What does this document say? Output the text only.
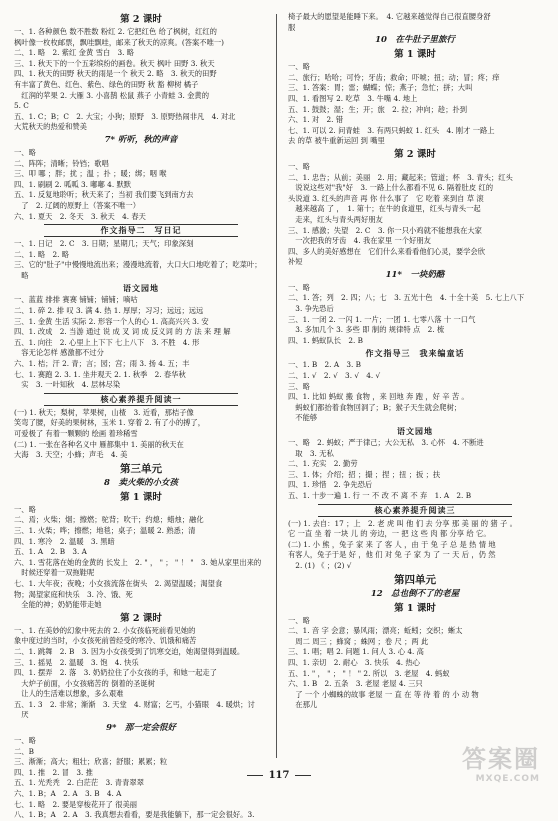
第 2 课时
一、1. 各种颜色 数不胜数 粉红 2. 它把红色 给了枫树，红红的
枫叶像一枚枚邮票，飘哇飘哇，邮来了秋天的凉爽。(答案不唯一)
二、1. 略　2. 紫红 金黄 雪白　3. 略
三、1. 秋天下的一个五彩缤纷的画卷。秋天 枫叶 田野 3. 秋天
四、1. 秋天的田野 秋天的雨是一个 秋天 2. 略　3. 秋天的田野
有丰富了黄色、红色、紫色、绿色的田野 秋 豁 柳树 橘子
　红润的苹果 2. 大雁 3. 小喜鹊 松鼠 燕子 小青蛙 3. 金黄的
5. C
五、1. C；B；C　2. 大宝；小狗；原野　3. 原野热闹非凡　4. 对北
大荒秋天的热爱和赞美
7* 听听，秋的声音
一、略
二、阵阵；清晰；铃铛；歌唱
三、叩 哪 ；胖；扰 ；温 ；扑 ；暖；绑；咽 喉
四、1. 刷刷 2. 呱呱 3. 嘟嘟 4. 默默
五、1. 反复地聆听；秋天来了；当初 我们要飞到南方去
　了　2. 辽阔的原野上（答案不唯一）
六、1. 夏天　2. 冬天　3. 秋天　4. 春天
作文指导二　写日记
一、1. 日记　2. C　3. 日期；星期几；天气；印象深刻
二、1. 略　2. 略
三、它的"肚子"中慢慢地流出来；漫漫地流着，大口大口地吃着了；吃菜叶；
　略
语文园地
一、蓝蓝 排排 赛赛 铺铺；铺铺；嘀咕
二、1. 碎 2. 排 叹 3. 满 4. 热 1. 厚厚；习习；远远；远远
三、1. 金黄 生活 实际 2. 形容一个人的心 1. 高高兴兴 3. 安
四、1. 改成　2. 当游 通过 说 成 叉 词 成 反义词 的 方 法 来 理 解
五、1. 向往　2. 心里上上下下 七上八下　3. 不胜　4. 形
　容无论怎样 感激都不过分
六、1. 桔；汗 2. 青；言；园；宫；雨 3. 扬 4. 五；丰
七、1. 赛跑 2. 3. 1. 坐井观天 2. 1. 秋季　2. 春华秋
　实　3. 一叶知秋　4. 层林尽染
核心素养提升阅读一
(一) 1. 秋天；梨树，苹果树，山楂　3. 近看，那桔子像
笑弯了腰，好美的果树林，玉米 1. 穿着 2. 有了小的搏了，
可爱极了 有着一颗颗的 绘画 着珍稀雪
(二) 1. 一张在各种名义中 雁都集中 1. 美丽的秋天在
大海　3. 天空；小蜂；声毛　4. 美
第三单元
8　卖火柴的小女孩
第 1 课时
一、略
二、焉；火柴；烟；擦燃；驼背；吹干；约熄；蜡烛；融化
三、1. 火柴；哗；擦燃；地毯；桌子；温暖 2. 熟悉；清
四、1. 寒冷　2. 温暖　3. 黑暗
五、1. A　2. B　3. A
六、1. 雪花落在她的金黄的 长发上　2. " ， " ； " ！ "　3. 她从家里出来的
　时候还穿着一双拖鞋呢
七、1. 大年夜；夜晚；小女孩流落在街头　2. 渴望温暖；渴望食
物；渴望家庭和快乐　3. 冷、饿、死
　全能的神；奶奶能带走她
第 2 课时
一、1. 在美妙的幻象中死去的 2. 小女孩临死前看见她的
象中度过的当时，小女孩死前曾经受的寒冷、饥饿和痛苦
二、1. 跳舞　2. B　3. 因为小女孩受到了饥寒交迫，她渴望得到温暖。
三、1. 摇晃　2. 温暖　3. 饱　4. 快乐
四、1. 摆弄　2. 落　3. 奶奶拉住了小女孩的手，和她一起走了
　大炉子前面，小女孩痛苦的 倒着的圣诞树
　让人的生活难以想象，多么艰难
五、1. 3　2. 非常；渐渐　3. 天堂　4. 财富；乞丐，小猫眼　4. 暖烘；讨
　厌
9*　那一定会很好
一、略
二、B
三、渐渐；高大；粗壮；欣喜；舒服；累累；粒
四、1. 推　2. 冒　3. 推
五、1. 光秃秃　2. 白茫茫　3. 青青翠翠
六、1. B；A　2. A　3. B　4. A
七、1. 略　2. 要是穿梭花开了 很美丽
八、1. B；A　2. A　3. 我真想去看看，要是我能躺下，那一定会很好。3.
椅子最大的愿望是能睡下来。　4. 它越来越觉得自己很直腰身舒
服
10　在牛肚子里旅行
第 1 课时
一、略
二、旅行；哈哈；可怜；牙齿；救命；吓唬；扭；动；冒；疼；痒
三、1. 答案：胃；雷；蝴蝶；惊；燕子；急忙；拼；大叫
四、1. 看图写 2. 吃草　3. 牛嘴 4. 地上
五、1. 鼓鼓；湿；生；开；旅　2. 拉；冲向；趁；扑到
六、1. 对　2. 错
七、1. 可以 2. 问青蛙　3. 有两只蚂蚁 1. 红头　4. 刚才 一路上
去 的草 被牛重新运回 到 嘴里
第 2 课时
一、略
二、1. 忠告；从前；美丽　2. 用；藏起来；管道；杯　3. 青头；红头
　说说这些对"我"好　3. 一路上什么都看不见 6. 隔着肚皮 红的
头说道 3. 红头的声音 再 你 什么事了　它 吃着 来到自 草 滚
　越来越高 了 ，　1. 第十；在牛的食道里，红头与青头一起
　走来，红头与青头两好朋友
三、1. 感激；失望　2. C　3. 你一只小鸡就不能想我在大家
　一次把我的牙齿　4. 我在家里 一个好朋友
四、多人的美好感想在　它们什么来看看他们心灵，要学会欣
补短
11*　一块奶酪
一、略
二、1. 答；列　2. 四；八；七　3. 五光十色　4. 十全十美　5. 七上八下
　3. 争先恐后
三、1. 一闭 2. 一闪 1. 一片；一团 1. 七零八落 十 一口气
　3. 多加几个 3. 多些 即 制的 规律特 点　2. 梳
四、1. 蚂蚁队长　2. B
作文指导三　我来编童话
一、1. B　2. A　3. B
二、1. √　2. √　3. √　4. √
三、略
四、1. 比如 蚂蚁 搬 食物 ，来 回地 奔 跑 ，好 辛 苦 。
　蚂蚁们都抬着食物回洞了；B；猴子天生就会爬树；
　不能够
语文园地
一、略　2. 蚂蚁；严于律己；大公无私　3. 心怀　4. 不断进
　取　3. 无私
二、1. 充实　2. 勤劳
三、1. 体；介绍；招 ；撮 ；捏 ；扭 ；扳 ；扶
四、1. 珍惜　2. 争先恐后
五、1. 十步一遍 1. 行 一 不 改 不 离 不 弃　1. A　2. B
核心素养提升阅读三
(一) 1. 去自：17 ；上　2. 老 虎 叫 他 们 去 分享 那 美 丽 的 猪 子 。
它 一直 坐 着 一块 儿 的 旁边，一 把 这 些 肉 都 分享 给 它。
(二) 1. 小 熊 ，兔子 家 来 了 客 人 ，由 于 兔 子 总 是 热 情 地
有客人，兔子于是 好 ，他 们 对 兔 子 家 为 了 一 天 后 ，仍 然
　2. (1) 《 ；(2) √
第四单元
12　总也倒不了的老屋
第 1 课时
一、略
二、1. 音 字 会意；暴风雨；漂亮；蚯蚓；交织；蜥太
　周二 周三 ；蜂窝 ；蛛网 ；卷 尺 ；两 此
三、1. 唱；唱 2. 问题 1. 问人 3. 心 4. 高
四、1. 亲切　2. 耐心　3. 快乐　4. 热心
五、1. " ， " ； " ！ " 2. 所以　3. 老屋　4. 蚂蚁
六、1. B　2. 五条　3. 老屋 老屋 4. 三只
　了 一个 小蜘蛛的故事 老屋 一 直 在 等 待 着 的 小 动 物
　在那儿
117
答案圈
MXQE.COM
